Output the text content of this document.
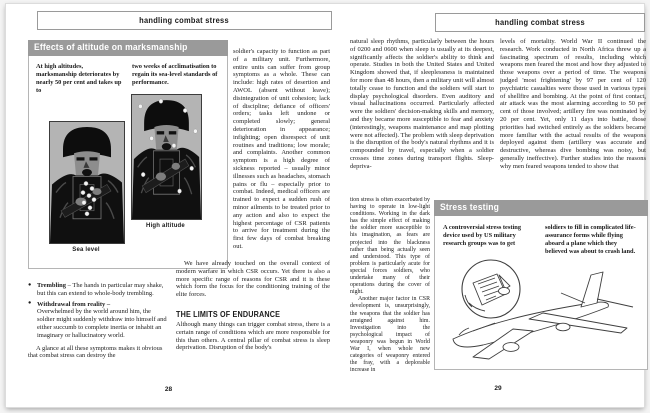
handling combat stress
Effects of altitude on marksmanship
At high altitudes, marksmanship deteriorates by nearly 50 per cent and takes up to
two weeks of acclimatisation to regain its sea-level standards of performance.
Sea level
High altitude
soldier's capacity to function as part of a military unit. Furthermore, entire units can suffer from group symptoms as a whole. These can include: high rates of desertion and AWOL (absent without leave); disintegration of unit cohesion; lack of discipline; defiance of officers' orders; tasks left undone or completed slowly; general deterioration in appearance; infighting; open disrespect of unit routines and traditions; low morale; and complaints. Another common symptom is a high degree of sickness reported – usually minor illnesses such as headaches, stomach pains or flu – especially prior to combat. Indeed, medical officers are trained to expect a sudden rush of minor ailments to be treated prior to any action and also to expect the highest percentage of CSR patients to arrive for treatment during the first few days of combat breaking out.
● Trembling – The hands in particular may shake, but this can extend to whole-body trembling.
● Withdrawal from reality –
Overwhelmed by the world around him, the soldier might suddenly withdraw into himself and either succumb to complete inertia or inhabit an imaginary or hallucinatory world.
A glance at all these symptoms makes it obvious that combat stress can destroy the
We have already touched on the overall context of modern warfare in which CSR occurs. Yet there is also a more specific range of reasons for CSR and it is these which form the focus for the conditioning training of the elite forces.
THE LIMITS OF ENDURANCE
Although many things can trigger combat stress, there is a certain range of conditions which are more responsible for this than others. A central pillar of combat stress is sleep deprivation. Disruption of the body's
28
handling combat stress
natural sleep rhythms, particularly between the hours of 0200 and 0600 when sleep is usually at its deepest, significantly affects the soldier's ability to think and operate. Studies in both the United States and United Kingdom showed that, if sleeplessness is maintained for more than 48 hours, then a military unit will almost totally cease to function and the soldiers will start to display psychological disorders. Even auditory and visual hallucinations occurred. Particularly affected were the soldiers' decision-making skills and memory, and they became more susceptible to fear and anxiety (interestingly, weapons maintenance and map plotting were not affected). The problem with sleep deprivation is the disruption of the body's natural rhythms and it is compounded by travel, especially when a soldier crosses time zones during transport flights. Sleep-depriva-
levels of mortality. World War II continued the research. Work conducted in North Africa threw up a fascinating spectrum of results, including which weapons men feared the most and how they adjusted to those weapons over a period of time. The weapons judged 'most frightening' by 97 per cent of 120 psychiatric casualties were those used in various types of shellfire and bombing. At the point of first contact, air attack was the most alarming according to 50 per cent of those involved; artillery fire was nominated by 20 per cent. Yet, only 11 days into battle, those priorities had switched entirely as the soldiers became more familiar with the actual results of the weapons deployed against them (artillery was accurate and destructive, whereas dive bombing was noisy, but generally ineffective). Further studies into the reasons why men feared weapons tended to show that
tion stress is often exacerbated by having to operate in low-light conditions. Working in the dark has the simple effect of making the soldier more susceptible to his imagination, as fears are projected into the blackness rather than being actually seen and understood. This type of problem is particularly acute for special forces soldiers, who undertake many of their operations during the cover of night.
Another major factor in CSR development is, unsurprisingly, the weapons that the soldier has arraigned against him. Investigation into the psychological impact of weaponry was begun in World War I, when whole new categories of weaponry entered the fray, with a deplorable increase in
Stress testing
A controversial stress testing device used by US military research groups was to get
soldiers to fill in complicated life-assurance forms while flying aboard a plane which they believed was about to crash land.
29
